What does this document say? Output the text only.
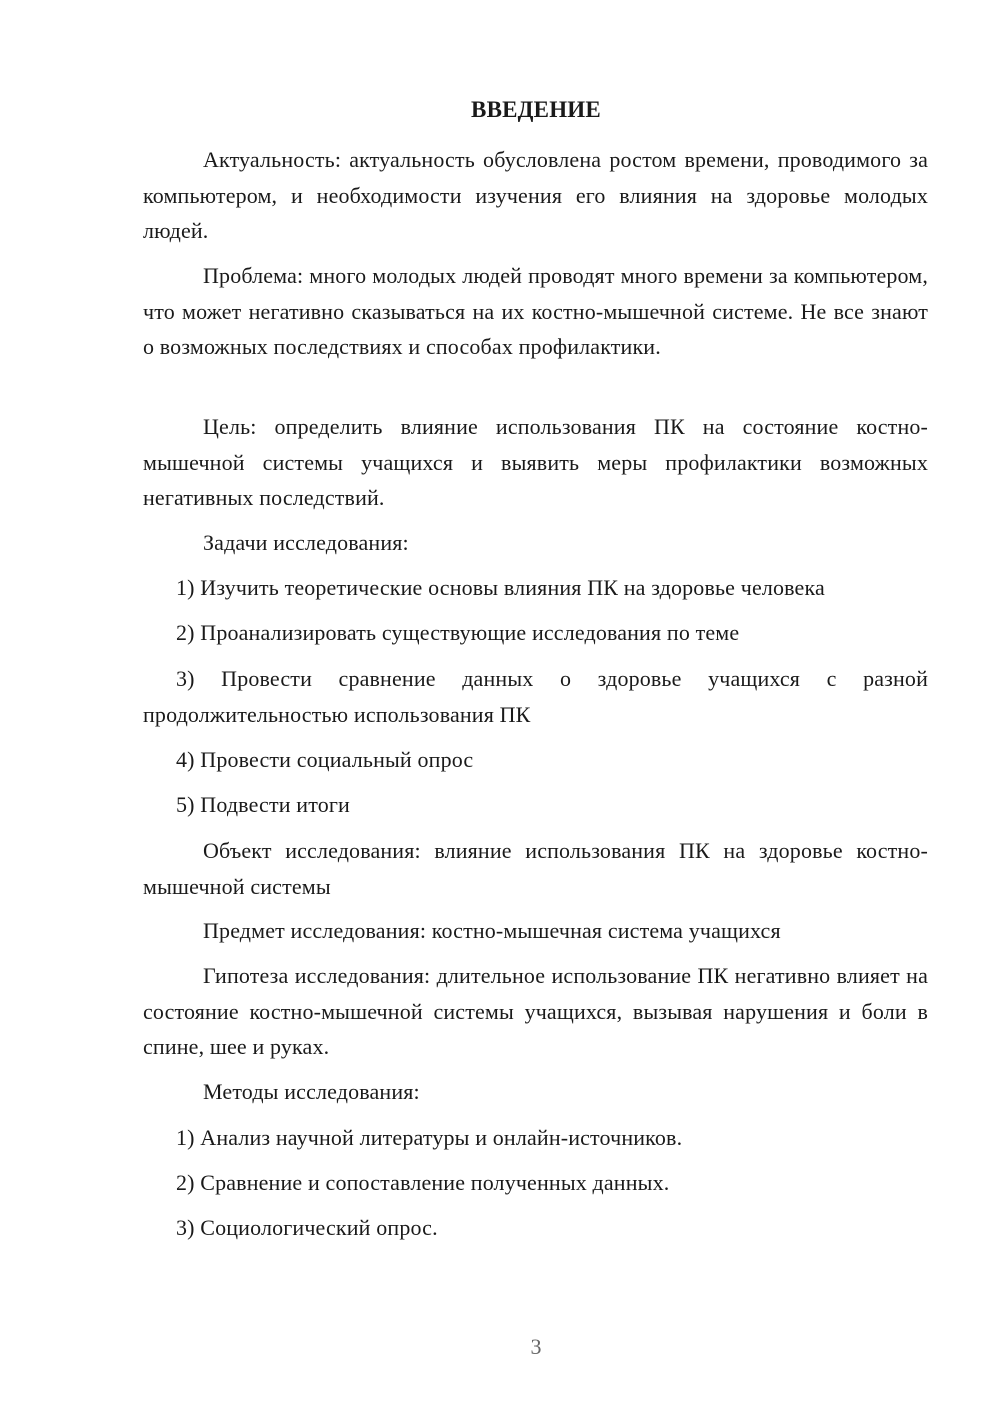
ВВЕДЕНИЕ

Актуальность: актуальность обусловлена ростом времени, проводимого за компьютером, и необходимости изучения его влияния на здоровье молодых людей.

Проблема: много молодых людей проводят много времени за компьютером, что может негативно сказываться на их костно-мышечной системе. Не все знают о возможных последствиях и способах профилактики.

Цель: определить влияние использования ПК на состояние костно-мышечной системы учащихся и выявить меры профилактики возможных негативных последствий.

Задачи исследования:

1) Изучить теоретические основы влияния ПК на здоровье человека

2) Проанализировать существующие исследования по теме

3) Провести сравнение данных о здоровье учащихся с разной продолжительностью использования ПК

4) Провести социальный опрос

5) Подвести итоги

Объект исследования: влияние использования ПК на здоровье костно-мышечной системы

Предмет исследования: костно-мышечная система учащихся

Гипотеза исследования: длительное использование ПК негативно влияет на состояние костно-мышечной системы учащихся, вызывая нарушения и боли в спине, шее и руках.

Методы исследования:

1) Анализ научной литературы и онлайн-источников.

2) Сравнение и сопоставление полученных данных.

3) Социологический опрос.

3
